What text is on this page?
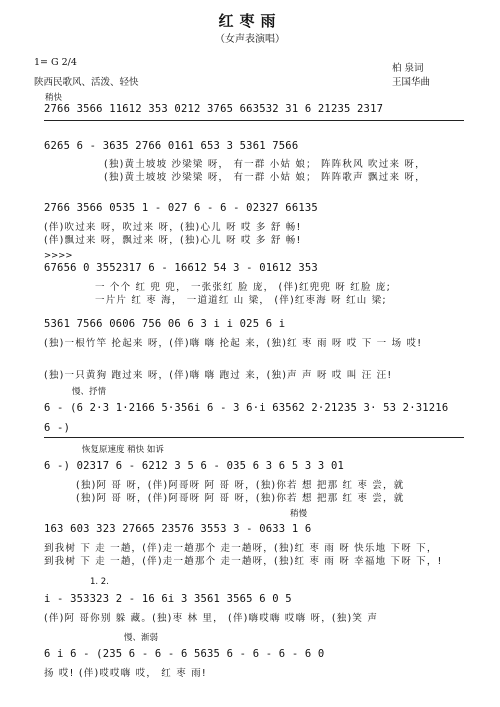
红枣雨
（女声表演唱）
1= G 2/4
陕西民歌风、活泼、轻快
柏 泉词
王国华曲
稍快
2766 3566 11612 353 0212 3765 663532 31 6 21235 2317
6265 6 - 3635 2766 0161 653 3 5361 7566
(独)黄土坡坡 沙梁梁 呀， 有一群 小姑 娘； 阵阵秋风 吹过来 呀，
(独)黄土坡坡 沙梁梁 呀， 有一群 小姑 娘； 阵阵歌声 飘过来 呀，
2766 3566 0535 1 - 027 6 - 6 - 02327 66135
(伴)吹过来 呀，吹过来 呀，(独)心儿 呀 哎 多 舒 畅!
(伴)飘过来 呀，飘过来 呀，(独)心儿 呀 哎 多 舒 畅!
>>>>
67656 0 3552317 6 - 16612 54 3 - 01612 353
一 个个 红 兜 兜， 一张张红 脸 庞， (伴)红兜兜 呀 红脸 庞;
一片片 红 枣 海， 一道道红 山 梁， (伴)红枣海 呀 红山 梁;
5361 7566 0606 756 06 6 3 i i 025 6 i
(独)一根竹竿 抡起来 呀，(伴)嗨 嗨 抡起 来，(独)红 枣 雨 呀 哎 下 一 场 哎!
(独)一只黄狗 跑过来 呀，(伴)嗨 嗨 跑过 来，(独)声 声 呀 哎 叫 汪 汪!
慢、抒情
6 - (6 2·3 1·2166 5·356i 6 - 3 6·i 63562 2·21235 3· 53 2·31216
6 -)
恢复原速度 稍快 如诉
6 -) 02317 6 - 6212 3 5 6 - 035 6 3 6 5 3 3 01
(独)阿 哥 呀，(伴)阿哥呀 阿 哥 呀，(独)你若 想 把那 红 枣 尝，就
(独)阿 哥 呀，(伴)阿哥呀 阿 哥 呀，(独)你若 想 把那 红 枣 尝，就
稍慢
163 603 323 27665 23576 3553 3 - 0633 1 6
到我树 下 走 一趟，(伴)走一趟那个 走一趟呀，(独)红 枣 雨 呀 快乐地 下呀 下，
到我树 下 走 一趟，(伴)走一趟那个 走一趟呀，(独)红 枣 雨 呀 幸福地 下呀 下，!
1. 2.
i - 353323 2 - 16 6i 3 3561 3565 6 0 5
(伴)阿 哥你别 躲 藏。(独)枣 林 里， (伴)嗨哎嗨 哎嗨 呀，(独)笑 声
慢、渐弱
6 i 6 - (235 6 - 6 - 6 5635 6 - 6 - 6 - 6 0
扬 哎! (伴)哎哎嗨 哎， 红 枣 雨!
